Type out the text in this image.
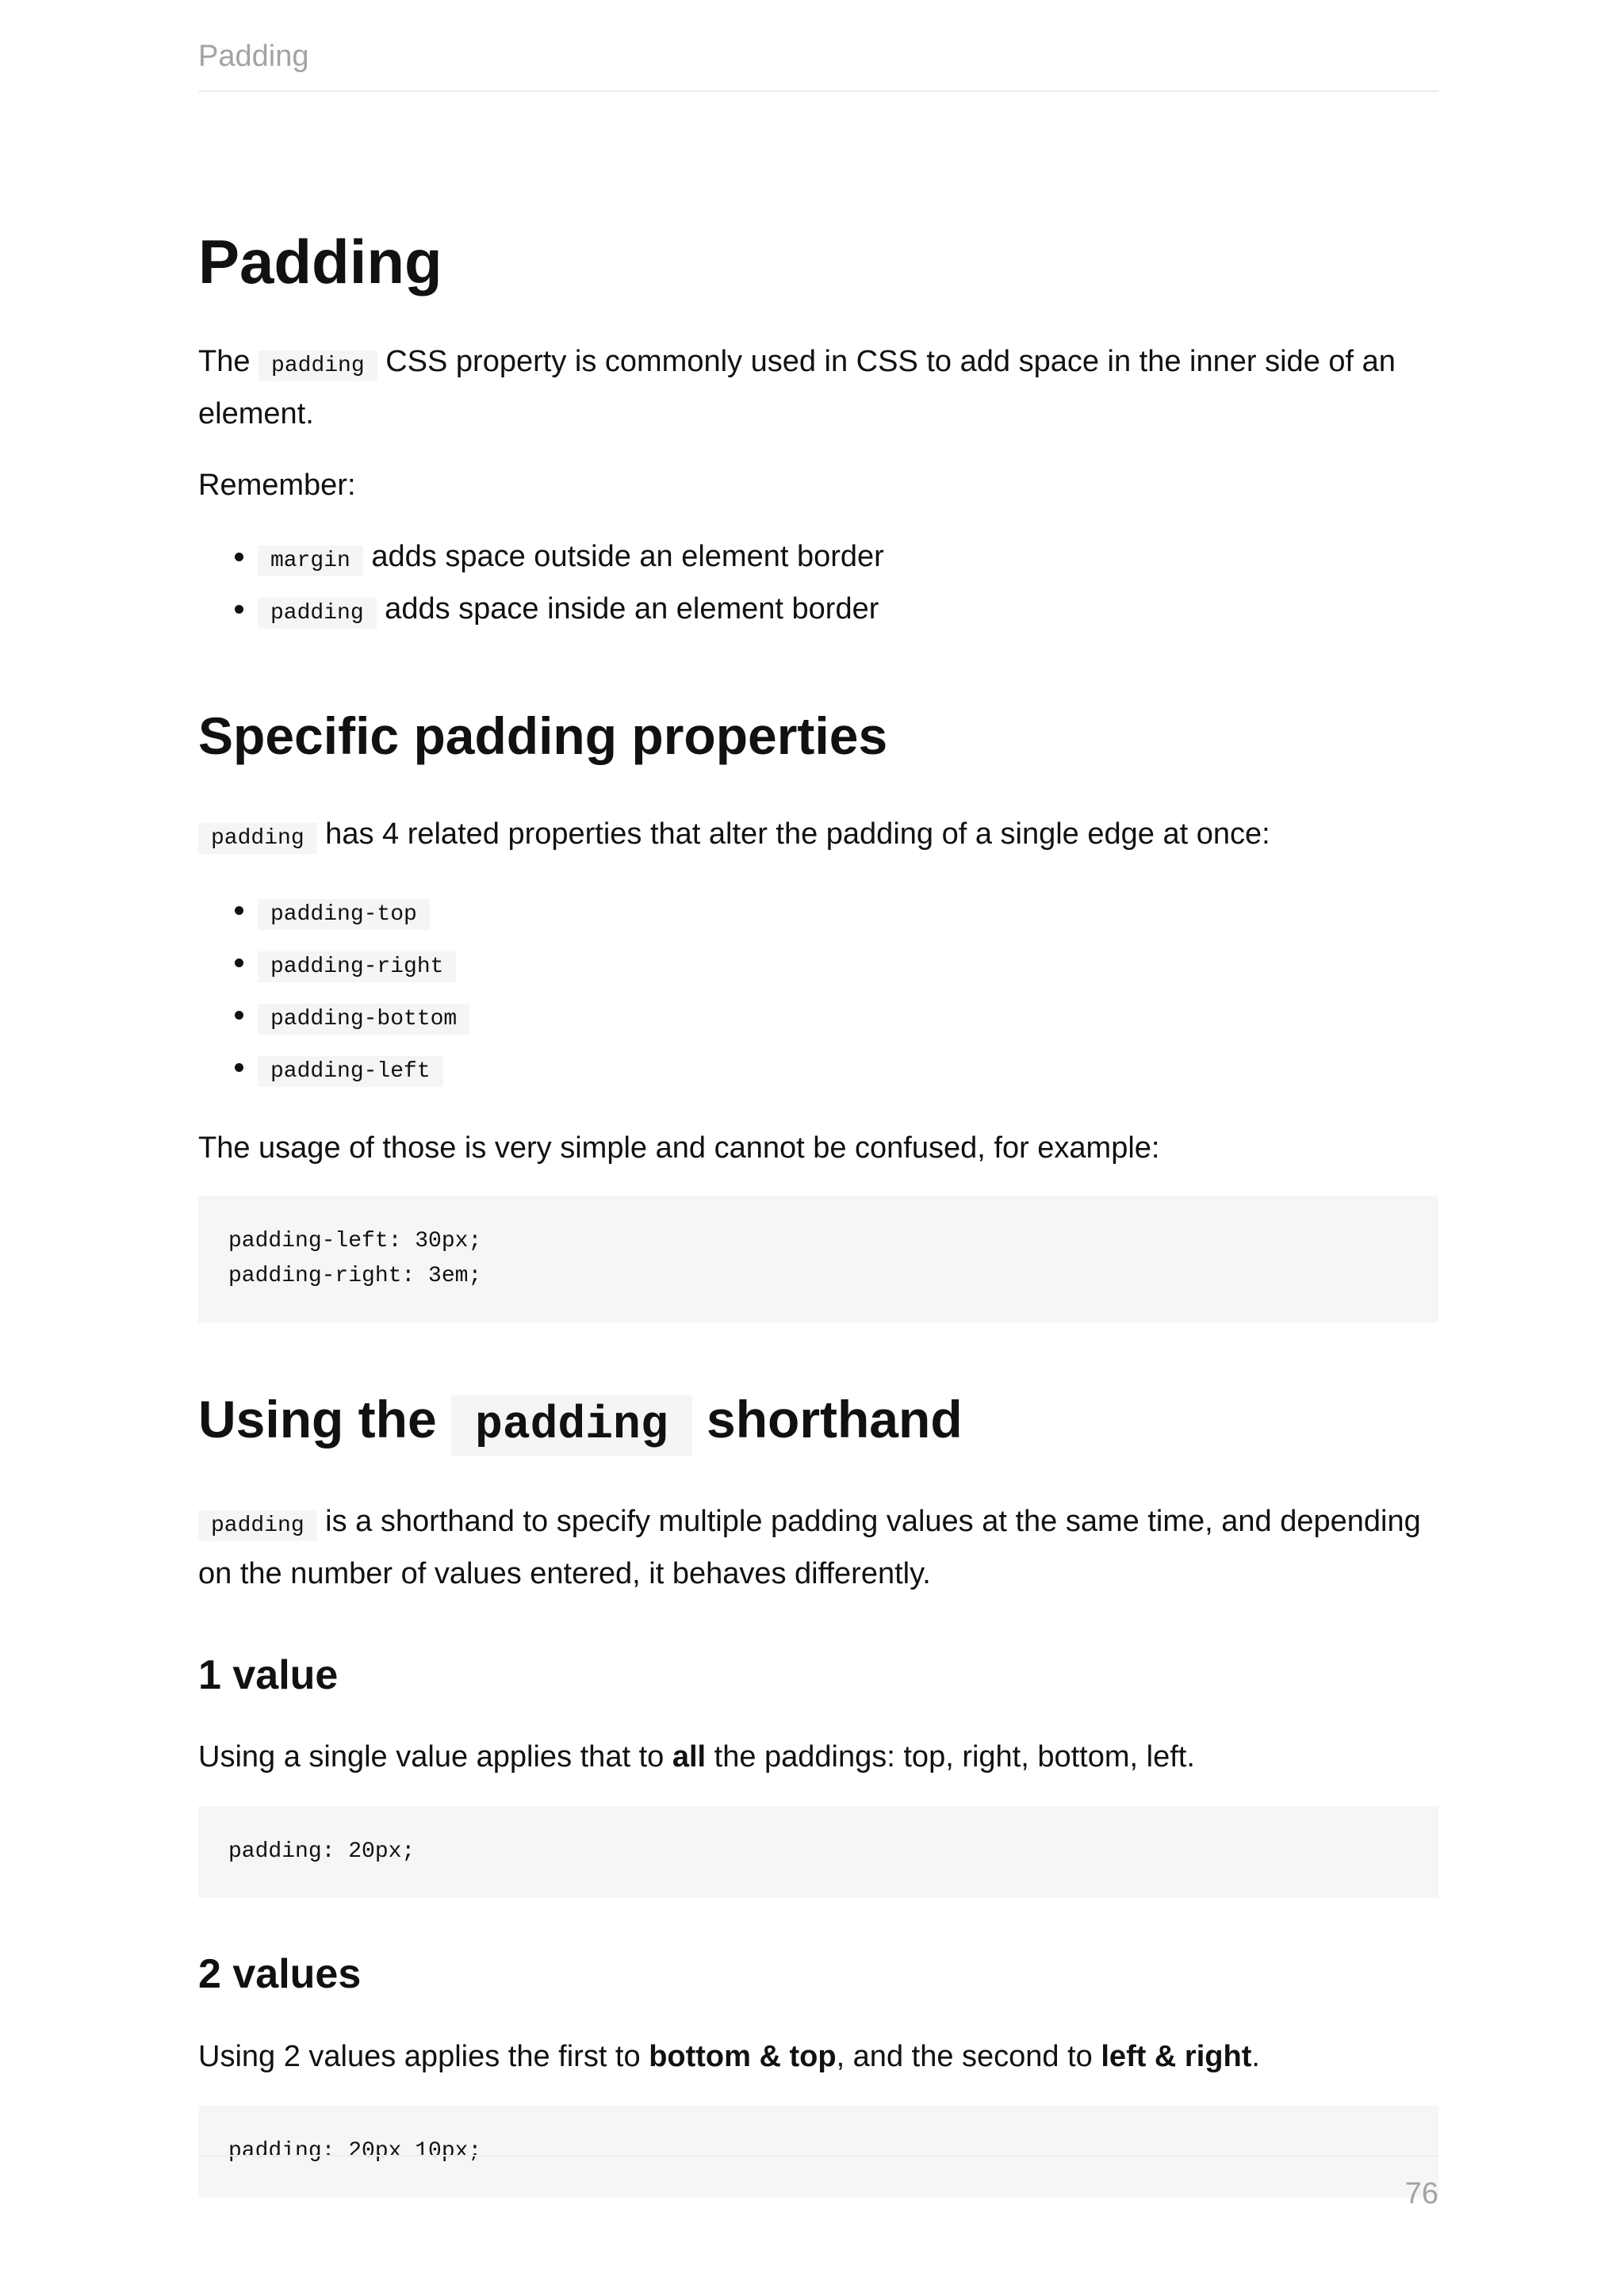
Padding
Padding

The padding CSS property is commonly used in CSS to add space in the inner side of an element.

Remember:

• margin adds space outside an element border
• padding adds space inside an element border
Specific padding properties

padding has 4 related properties that alter the padding of a single edge at once:

• padding-top
• padding-right
• padding-bottom
• padding-left

The usage of those is very simple and cannot be confused, for example:

padding-left: 30px;
padding-right: 3em;
Using the padding shorthand

padding is a shorthand to specify multiple padding values at the same time, and depending on the number of values entered, it behaves differently.

1 value

Using a single value applies that to all the paddings: top, right, bottom, left.

padding: 20px;
2 values

Using 2 values applies the first to bottom & top, and the second to left & right.

padding: 20px 10px;
76
